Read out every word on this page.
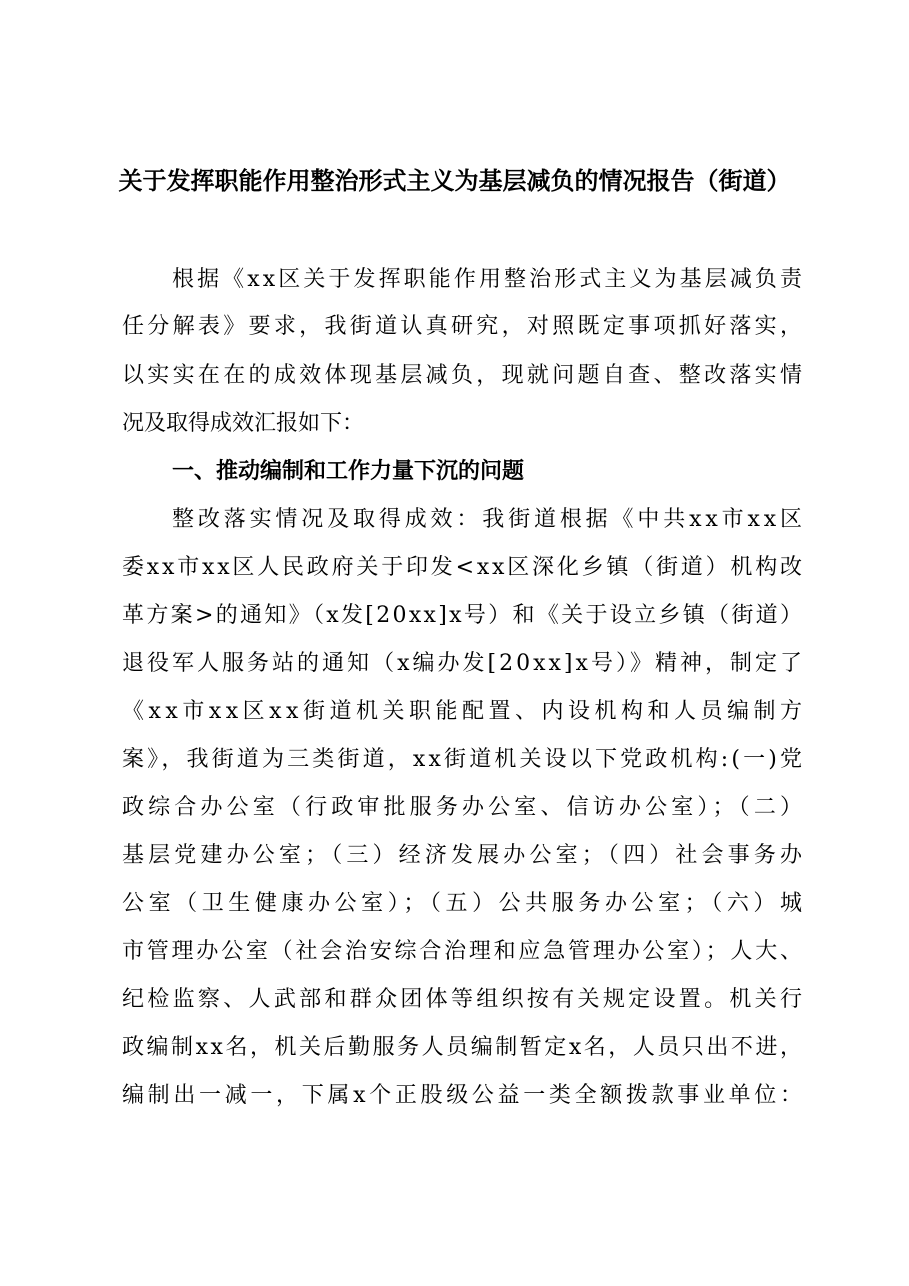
关于发挥职能作用整治形式主义为基层减负的情况报告（街道）

根据《xx区关于发挥职能作用整治形式主义为基层减负责

任分解表》要求，我街道认真研究，对照既定事项抓好落实，

以实实在在的成效体现基层减负，现就问题自查、整改落实情

况及取得成效汇报如下：

一、推动编制和工作力量下沉的问题

整改落实情况及取得成效：我街道根据《中共xx市xx区

委xx市xx区人民政府关于印发<xx区深化乡镇（街道）机构改

革方案>的通知》（x发[20xx]x号）和《关于设立乡镇（街道）

退役军人服务站的通知（x编办发[20xx]x号）》精神，制定了

《xx市xx区xx街道机关职能配置、内设机构和人员编制方

案》，我街道为三类街道，xx街道机关设以下党政机构:(一)党

政综合办公室（行政审批服务办公室、信访办公室）；（二）

基层党建办公室；（三）经济发展办公室；（四）社会事务办

公室（卫生健康办公室）；（五）公共服务办公室；（六）城

市管理办公室（社会治安综合治理和应急管理办公室）；人大、

纪检监察、人武部和群众团体等组织按有关规定设置。机关行

政编制xx名，机关后勤服务人员编制暂定x名，人员只出不进，

编制出一减一，下属x个正股级公益一类全额拨款事业单位：
